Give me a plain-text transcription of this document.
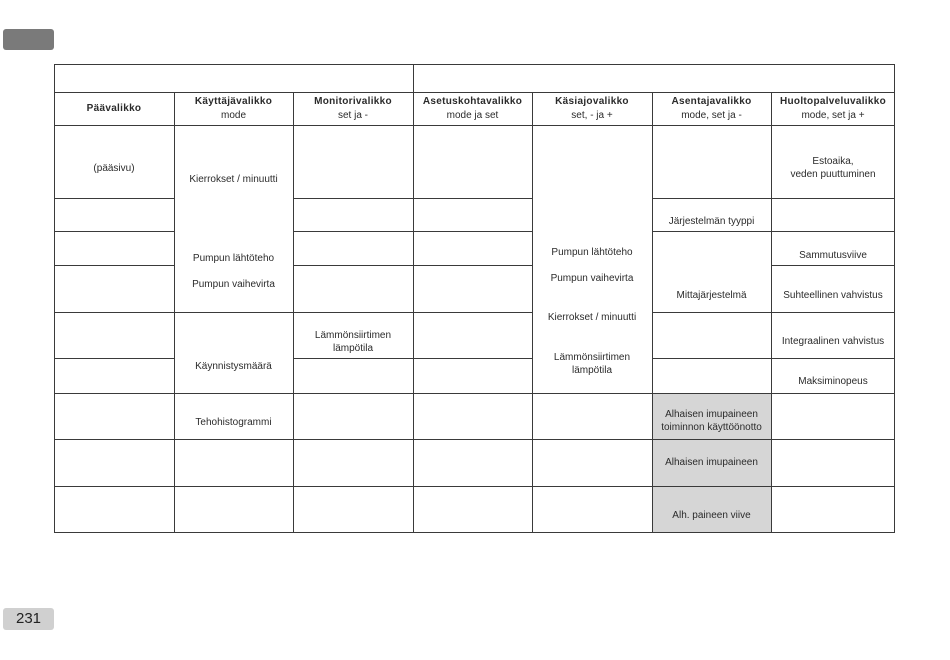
Päävalikko
Käyttäjävalikko
mode
Monitorivalikko
set ja -
Asetuskohtavalikko
mode ja set
Käsiajovalikko
set, - ja +
Asentajavalikko
mode, set ja -
Huoltopalveluvalikko
mode, set ja +
(pääsivu)
Kierrokset / minuutti
Pumpun lähtöteho
Pumpun vaihevirta
Käynnistysmäärä
Tehohistogrammi
Lämmönsiirtimen
lämpötila
Pumpun lähtöteho
Pumpun vaihevirta
Kierrokset / minuutti
Lämmönsiirtimen
lämpötila
Järjestelmän tyyppi
Mittajärjestelmä
Alhaisen imupaineen
toiminnon käyttöönotto
Alhaisen imupaineen
Alh. paineen viive
Estoaika,
veden puuttuminen
Sammutusviive
Suhteellinen vahvistus
Integraalinen vahvistus
Maksiminopeus
231
